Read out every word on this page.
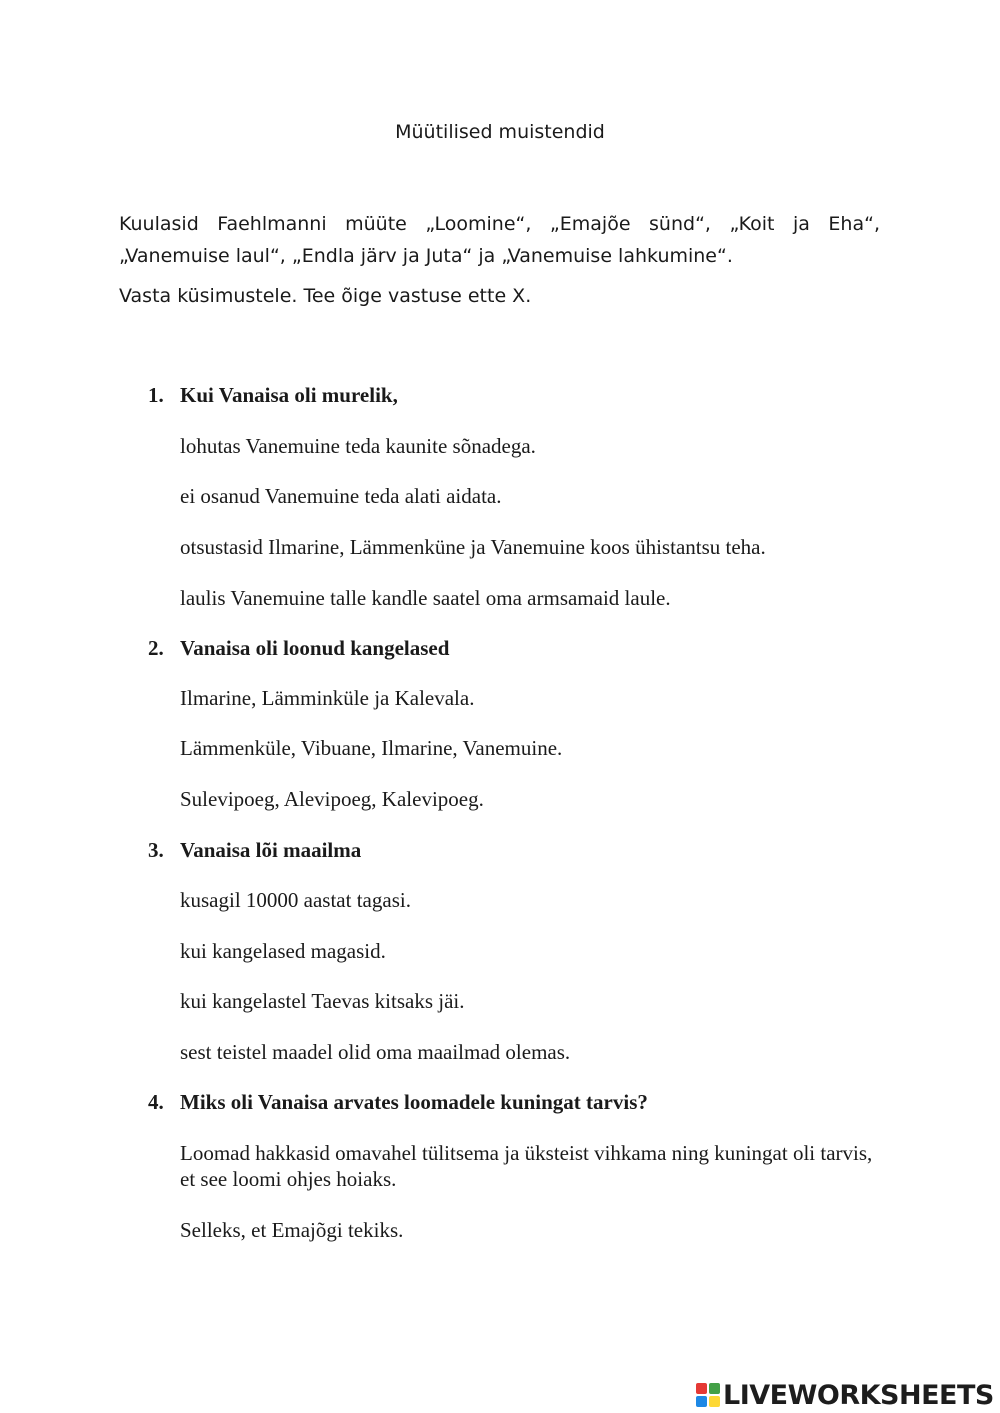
Müütilised muistendid
Kuulasid Faehlmanni müüte „Loomine“, „Emajõe sünd“, „Koit ja Eha“, „Vanemuise laul“, „Endla järv ja Juta“ ja „Vanemuise lahkumine“.
Vasta küsimustele. Tee õige vastuse ette X.
1. Kui Vanaisa oli murelik,
lohutas Vanemuine teda kaunite sõnadega.
ei osanud Vanemuine teda alati aidata.
otsustasid Ilmarine, Lämmenküne ja Vanemuine koos ühistantsu teha.
laulis Vanemuine talle kandle saatel oma armsamaid laule.
2. Vanaisa oli loonud kangelased
Ilmarine, Lämminküle ja Kalevala.
Lämmenküle, Vibuane, Ilmarine, Vanemuine.
Sulevipoeg, Alevipoeg, Kalevipoeg.
3. Vanaisa lõi maailma
kusagil 10000 aastat tagasi.
kui kangelased magasid.
kui kangelastel Taevas kitsaks jäi.
sest teistel maadel olid oma maailmad olemas.
4. Miks oli Vanaisa arvates loomadele kuningat tarvis?
Loomad hakkasid omavahel tülitsema ja üksteist vihkama ning kuningat oli tarvis, et see loomi ohjes hoiaks.
Selleks, et Emajõgi tekiks.
LIVEWORKSHEETS
